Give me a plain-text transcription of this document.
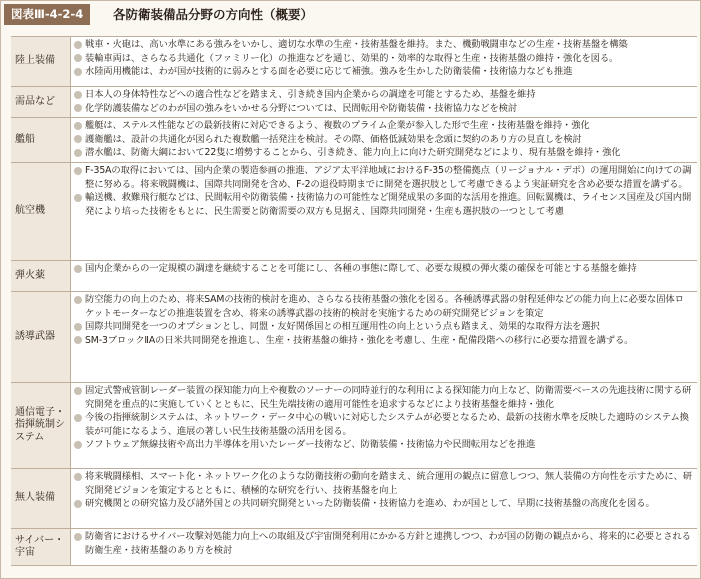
図表Ⅲ-4-2-4	各防衛装備品分野の方向性（概要）
陸上装備
戦車・火砲は、高い水準にある強みをいかし、適切な水準の生産・技術基盤を維持。また、機動戦闘車などの生産・技術基盤を構築
装輪車両は、さらなる共通化（ファミリー化）の推進などを通じ、効果的・効率的な取得と生産・技術基盤の維持・強化を図る。
水陸両用機能は、わが国が技術的に弱みとする面を必要に応じて補強。強みを生かした防衛装備・技術協力なども推進
需品など
日本人の身体特性などへの適合性などを踏まえ、引き続き国内企業からの調達を可能とするため、基盤を維持
化学防護装備などのわが国の強みをいかせる分野については、民間転用や防衛装備・技術協力などを検討
艦船
艦艇は、ステルス性能などの最新技術に対応できるよう、複数のプライム企業が参入した形で生産・技術基盤を維持・強化
護衛艦は、設計の共通化が図られた複数艦一括発注を検討。その際、価格低減効果を念頭に契約のあり方の見直しを検討
潜水艦は、防衛大綱において22隻に増勢することから、引き続き、能力向上に向けた研究開発などにより、現有基盤を維持・強化
航空機
F-35Aの取得においては、国内企業の製造参画の推進、アジア太平洋地域におけるF-35の整備拠点（リージョナル・デポ）の運用開始に向けての調整に努める。将来戦闘機は、国際共同開発を含め、F-2の退役時期までに開発を選択肢として考慮できるよう実証研究を含め必要な措置を講ずる。
輸送機、救難飛行艇などは、民間転用や防衛装備・技術協力の可能性など開発成果の多面的な活用を推進。回転翼機は、ライセンス国産及び国内開発により培った技術をもとに、民生需要と防衛需要の双方も見据え、国際共同開発・生産も選択肢の一つとして考慮
弾火薬
国内企業からの一定規模の調達を継続することを可能にし、各種の事態に際して、必要な規模の弾火薬の確保を可能とする基盤を維持
誘導武器
防空能力の向上のため、将来SAMの技術的検討を進め、さらなる技術基盤の強化を図る。各種誘導武器の射程延伸などの能力向上に必要な固体ロケットモーターなどの推進装置を含め、将来の誘導武器の技術的検討を実施するための研究開発ビジョンを策定
国際共同開発を一つのオプションとし、同盟・友好関係国との相互運用性の向上という点も踏まえ、効果的な取得方法を選択
SM-3ブロックⅡAの日米共同開発を推進し、生産・技術基盤の維持・強化を考慮し、生産・配備段階への移行に必要な措置を講ずる。
通信電子・指揮統制システム
固定式警戒管制レーダー装置の探知能力向上や複数のソーナーの同時並行的な利用による探知能力向上など、防衛需要ベースの先進技術に関する研究開発を重点的に実施していくとともに、民生先端技術の適用可能性を追求するなどにより技術基盤を維持・強化
今後の指揮統制システムは、ネットワーク・データ中心の戦いに対応したシステムが必要となるため、最新の技術水準を反映した適時のシステム換装が可能になるよう、進展の著しい民生技術基盤の活用を図る。
ソフトウェア無線技術や高出力半導体を用いたレーダー技術など、防衛装備・技術協力や民間転用などを推進
無人装備
将来戦闘様相、スマート化・ネットワーク化のような防衛技術の動向を踏まえ、統合運用の観点に留意しつつ、無人装備の方向性を示すために、研究開発ビジョンを策定するとともに、積極的な研究を行い、技術基盤を向上
研究機関との研究協力及び諸外国との共同研究開発といった防衛装備・技術協力を進め、わが国として、早期に技術基盤の高度化を図る。
サイバー・宇宙
防衛省におけるサイバー攻撃対処能力向上への取組及び宇宙開発利用にかかる方針と連携しつつ、わが国の防衛の観点から、将来的に必要とされる防衛生産・技術基盤のあり方を検討
